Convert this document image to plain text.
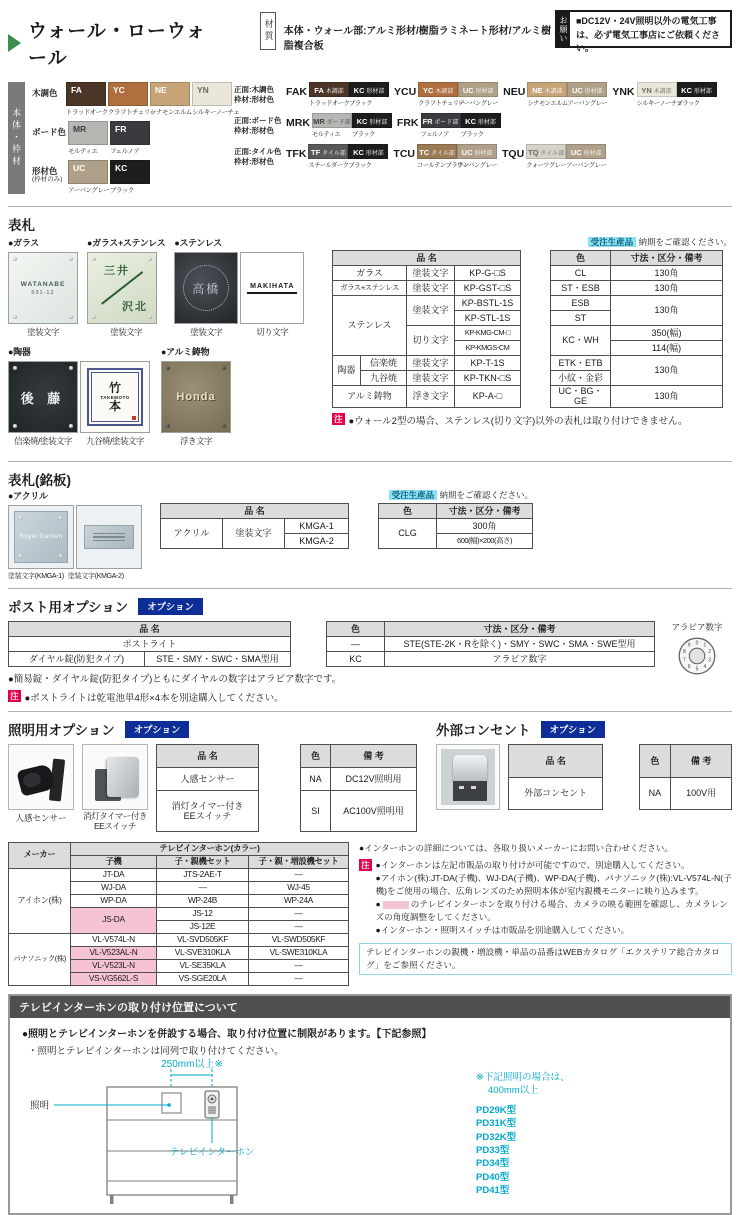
ウォール・ローウォール
材質	本体・ウォール部:アルミ形材/樹脂ラミネート形材/アルミ樹脂複合板
お願い ■DC12V・24V照明以外の電気工事は、必ず電気工事店にご依頼ください。
本体・枠材
木調色	FA
トラッドオーク
YC
クラフトチェリー
NE
シナモンエルム
YN
シルキーノーチェ
ボード色 MR
モルティエ
FR
フェルノア
形材色
(枠材のみ)
UC
アーバングレー
KC
ブラック
正面:木調色
枠材:形材色
FAK FA 木調部
トラッドオーク
KC 形材部
ブラック
YCU YC 木調部
クラフトチェリー
UC 形材部
アーバングレー
NEU NE 木調部
シナモンエルム
UC 形材部
アーバングレー
YNK YN 木調部
シルキーノーチェ
KC 形材部
ブラック
正面:ボード色
枠材:形材色
MRK MR ボード部
モルティエ
KC 形材部
ブラック
FRK FR ボード部
フェルノア
KC 形材部
ブラック
正面:タイル色
枠材:形材色
TFK TF タイル部
スチールダーク
KC 形材部
ブラック
TCU TC タイル部
コールテンブラウン
UC 形材部
アーバングレー
TQU TQ タイル部
クォーツグレー
UC 形材部
アーバングレー
表札
●ガラス
WATANABE
531-12
塗装文字
●ガラス+ステンレス
三井
沢北
塗装文字
●ステンレス
高橋
塗装文字
MAKIHATA
切り文字
●陶器
後 藤
信楽焼/塗装文字
竹
TAKEMOTO
本
九谷焼/塗装文字
●アルミ鋳物
Honda
浮き文字
受注生産品 納期をご確認ください。
品 名					色	寸法・区分・備考
ガラス		塗装文字	KP-G-□S		CL	130角
ガラス+ステンレス		塗装文字	KP-GST-□S		ST・ESB	130角
ステンレス		塗装文字	KP-BSTL-1S		ESB	130角
			KP-STL-1S		ST	
		切り文字	KP-KMG-CM-□		KC・WH	350(幅)
			KP-KMGS-CM			114(幅)
陶器	信楽焼	塗装文字	KP-T-1S		ETK・ETB	130角
	九谷焼	塗装文字	KP-TKN-□S		小紋・金彩	
アルミ鋳物		浮き文字	KP-A-□		UC・BG・GE	130角
注 ●ウォール2型の場合、ステンレス(切り文字)以外の表札は取り付けできません。
表札(銘板)
●アクリル
Royal Garden
塗装文字(KMGA-1) 塗装文字(KMGA-2)
受注生産品 納期をご確認ください。
品 名				色	寸法・区分・備考
アクリル	塗装文字	KMGA-1		CLG	300角
		KMGA-2			600(幅)×200(高さ)
ポスト用オプション	オプション
品 名			色	寸法・区分・備考
ポストライト			—	STE(STE-2K・Rを除く)・SMY・SWC・SMA・SWE型用
ダイヤル錠(防犯タイプ)	STE・SMY・SWC・SMA型用		KC	アラビア数字
●簡易錠・ダイヤル錠(防犯タイプ)ともにダイヤルの数字はアラビア数字です。
注 ●ポストライトは乾電池単4形×4本を別途購入してください。
アラビア数字
0 1
2
3
4
5
6
7
8
9
照明用オプション	オプション
人感センサー	消灯タイマー付き
EEスイッチ
品 名		色	備 考
人感センサー		NA	DC12V照明用

消灯タイマー付き
EEスイッチ		SI	AC100V照明用
外部コンセント	オプション
品 名		色	備 考
外部コンセント		NA	100V用
メーカー	テレビインターホン(カラー)		
	子機	子・親機セット	子・親・増設機セット
アイホン(株)	JT-DA	JTS-2AE-T	—
	WJ-DA	—	WJ-45
	WP-DA	WP-24B	WP-24A
	JS-DA	JS-12	—
		JS-12E	—
パナソニック(株)	VL-V574L-N	VL-SVD505KF	VL-SWD505KF
	VL-V523AL-N	VL-SVE310KLA	VL-SWE310KLA
	VL-V523L-N	VL-SE35KLA	—
	VS-VG562L-S	VS-SGE20LA	—
●インターホンの詳細については、各取り扱いメーカーにお問い合わせください。
注 ●インターホンは左記市販品の取り付けが可能ですので、別途購入してください。
●アイホン(株):JT-DA(子機)、WJ-DA(子機)、WP-DA(子機)、パナソニック(株):VL-V574L-N(子機)をご使用の場合、広角レンズのため照明本体が室内親機モニターに映り込みます。
●	のテレビインターホンを取り付ける場合、カメラの映る範囲を確認し、カメラレンズの角度調整をしてください。
●インターホン・照明スイッチは市販品を別途購入してください。
テレビインターホンの親機・増設機・単品の品番はWEBカタログ「エクステリア総合カタログ」をご参照ください。
テレビインターホンの取り付け位置について
●照明とテレビインターホンを併設する場合、取り付け位置に制限があります。【下記参照】
・照明とテレビインターホンは同列で取り付けてください。
250mm以上※
照明
テレビインターホン
※下記照明の場合は、
400mm以上
PD29K型
PD31K型
PD32K型
PD33型
PD34型
PD40型
PD41型
